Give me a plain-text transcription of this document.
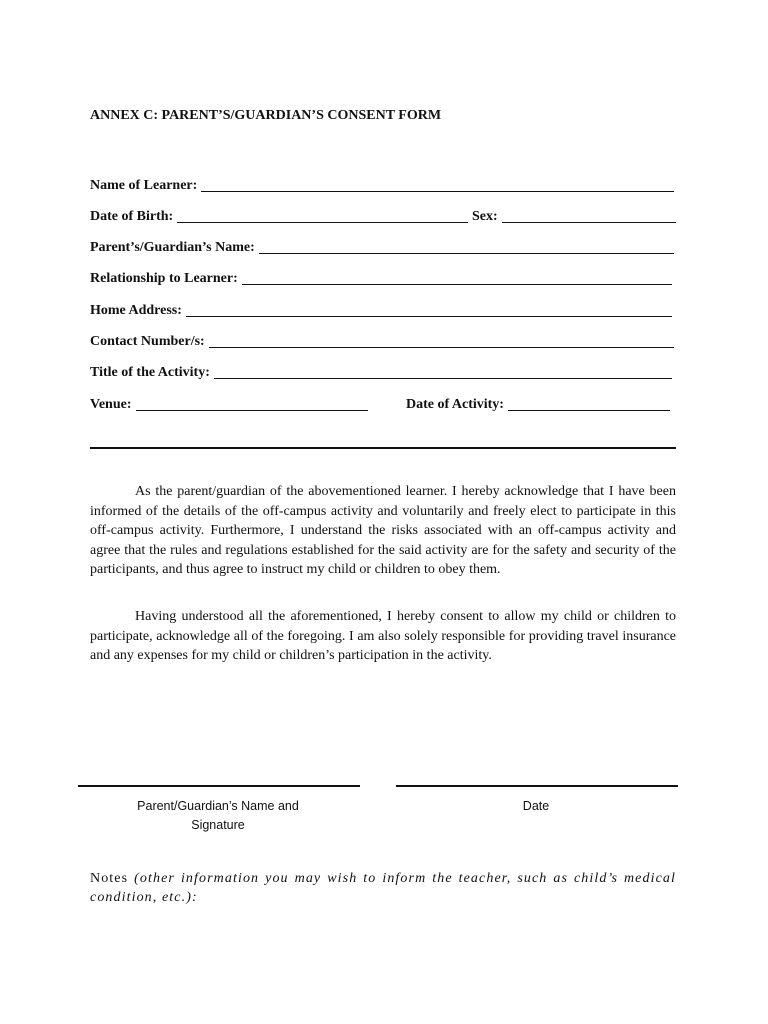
ANNEX C: PARENT’S/GUARDIAN’S CONSENT FORM
Name of Learner:
Date of Birth:	Sex:
Parent’s/Guardian’s Name:
Relationship to Learner:
Home Address:
Contact Number/s:
Title of the Activity:
Venue:	Date of Activity:

As the parent/guardian of the abovementioned learner. I hereby acknowledge that I have been informed of the details of the off-campus activity and voluntarily and freely elect to participate in this off-campus activity. Furthermore, I understand the risks associated with an off-campus activity and agree that the rules and regulations established for the said activity are for the safety and security of the participants, and thus agree to instruct my child or children to obey them.

Having understood all the aforementioned, I hereby consent to allow my child or children to participate, acknowledge all of the foregoing. I am also solely responsible for providing travel insurance and any expenses for my child or children’s participation in the activity.

Parent/Guardian’s Name and
Signature
Date
Notes (other information you may wish to inform the teacher, such as child’s medical condition, etc.):
